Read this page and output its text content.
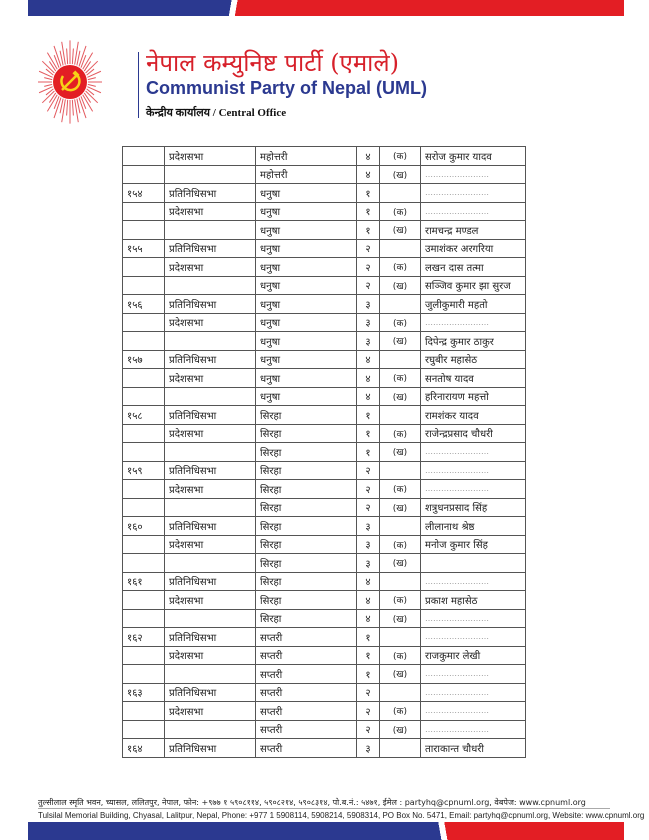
नेपाल कम्युनिष्ट पार्टी (एमाले)
Communist Party of Nepal (UML)
केन्द्रीय कार्यालय / Central Office
	प्रदेशसभा	महोत्तरी	४	(क)	सरोज कुमार यादव
		महोत्तरी	४	(ख)	……………………
१५४	प्रतिनिधिसभा	धनुषा	१		……………………
	प्रदेशसभा	धनुषा	१	(क)	……………………
		धनुषा	१	(ख)	रामचन्द्र मण्डल
१५५	प्रतिनिधिसभा	धनुषा	२		उमाशंकर अरगरिया
	प्रदेशसभा	धनुषा	२	(क)	लखन दास तत्मा
		धनुषा	२	(ख)	सञ्जिव कुमार झा सुरज
१५६	प्रतिनिधिसभा	धनुषा	३		जुलीकुमारी महतो
	प्रदेशसभा	धनुषा	३	(क)	……………………
		धनुषा	३	(ख)	दिपेन्द्र कुमार ठाकुर
१५७	प्रतिनिधिसभा	धनुषा	४		रघुबीर महासेठ
	प्रदेशसभा	धनुषा	४	(क)	सनतोष यादव
		धनुषा	४	(ख)	हरिनारायण महत्तो
१५८	प्रतिनिधिसभा	सिरहा	१		रामशंकर यादव
	प्रदेशसभा	सिरहा	१	(क)	राजेन्द्रप्रसाद चौधरी
		सिरहा	१	(ख)	……………………
१५९	प्रतिनिधिसभा	सिरहा	२		……………………
	प्रदेशसभा	सिरहा	२	(क)	……………………
		सिरहा	२	(ख)	शत्रुधनप्रसाद सिंह
१६०	प्रतिनिधिसभा	सिरहा	३		लीलानाथ श्रेष्ठ
	प्रदेशसभा	सिरहा	३	(क)	मनोज कुमार सिंह
		सिरहा	३	(ख)	
१६१	प्रतिनिधिसभा	सिरहा	४		……………………
	प्रदेशसभा	सिरहा	४	(क)	प्रकाश महासेठ
		सिरहा	४	(ख)	……………………
१६२	प्रतिनिधिसभा	सप्तरी	१		……………………
	प्रदेशसभा	सप्तरी	१	(क)	राजकुमार लेखी
		सप्तरी	१	(ख)	……………………
१६३	प्रतिनिधिसभा	सप्तरी	२		……………………
	प्रदेशसभा	सप्तरी	२	(क)	……………………
		सप्तरी	२	(ख)	……………………
१६४	प्रतिनिधिसभा	सप्तरी	३		ताराकान्त चौधरी
तुल्सीलाल स्मृति भवन, च्यासल, ललितपुर, नेपाल, फोन: +९७७ १ ५९०८११४, ५९०८२१४, ५९०८३१४, पो.ब.नं.: ५४७१, ईमेल : partyhq@cpnuml.org, वेबपेज: www.cpnuml.org
Tulsilal Memorial Building, Chyasal, Lalitpur, Nepal, Phone: +977 1 5908114, 5908214, 5908314, PO Box No. 5471, Email: partyhq@cpnuml.org, Website: www.cpnuml.org
